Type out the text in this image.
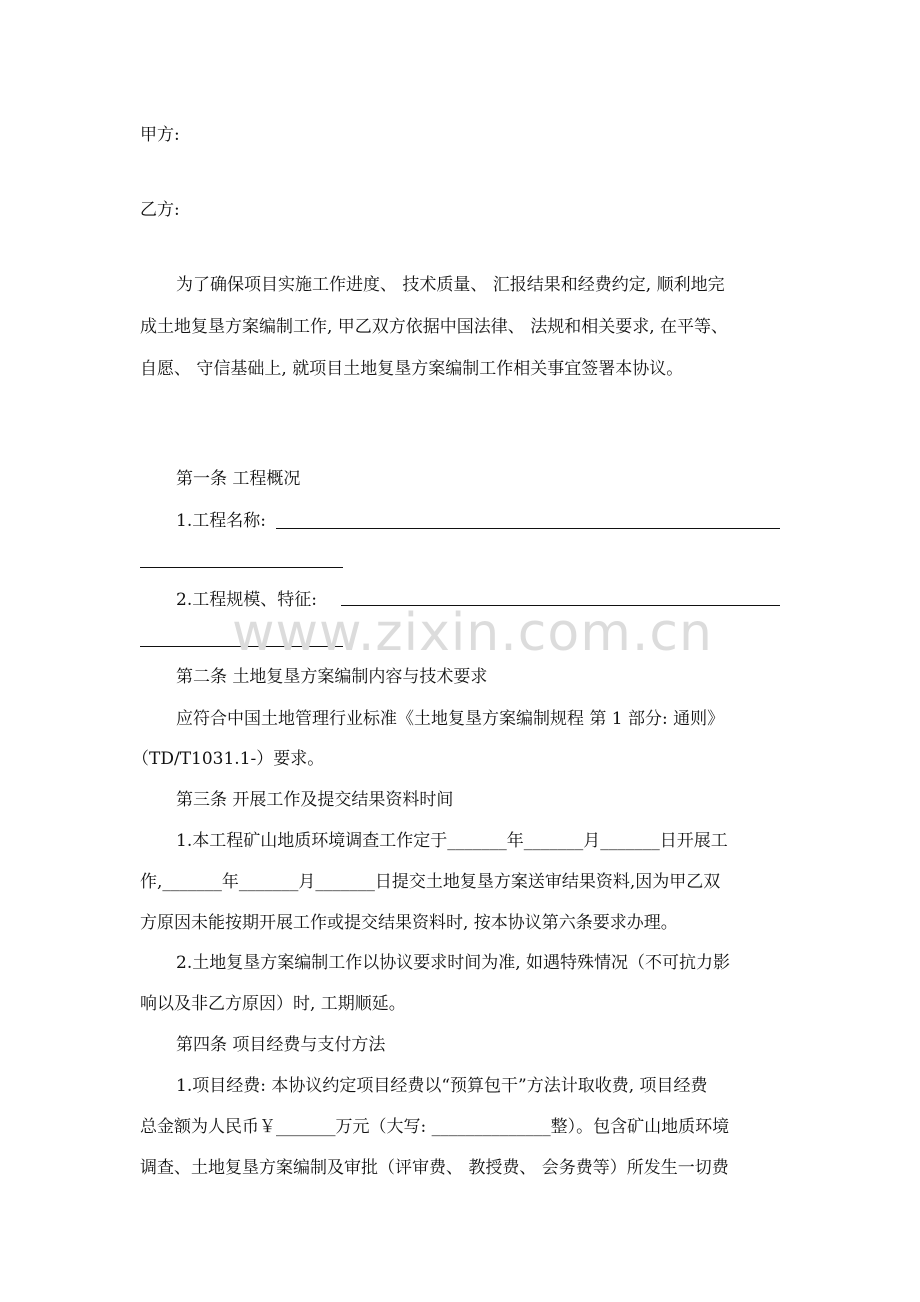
甲方:
乙方:
为了确保项目实施工作进度、 技术质量、 汇报结果和经费约定, 顺利地完
成土地复垦方案编制工作, 甲乙双方依据中国法律、 法规和相关要求, 在平等、
自愿、 守信基础上, 就项目土地复垦方案编制工作相关事宜签署本协议。
第一条 工程概况
1.工程名称:
2.工程规模、特征:
第二条 土地复垦方案编制内容与技术要求
应符合中国土地管理行业标准《土地复垦方案编制规程 第 1 部分: 通则》
（TD/T1031.1-）要求。
第三条 开展工作及提交结果资料时间
1.本工程矿山地质环境调查工作定于_______年_______月_______日开展工
作,_______年_______月_______日提交土地复垦方案送审结果资料,因为甲乙双
方原因未能按期开展工作或提交结果资料时, 按本协议第六条要求办理。
2.土地复垦方案编制工作以协议要求时间为准, 如遇特殊情况（不可抗力影
响以及非乙方原因）时, 工期顺延。
第四条 项目经费与支付方法
1.项目经费: 本协议约定项目经费以“预算包干”方法计取收费, 项目经费
总金额为人民币￥_______万元（大写: ______________整）。包含矿山地质环境
调查、土地复垦方案编制及审批（评审费、 教授费、 会务费等）所发生一切费
www.zixin.com.cn
